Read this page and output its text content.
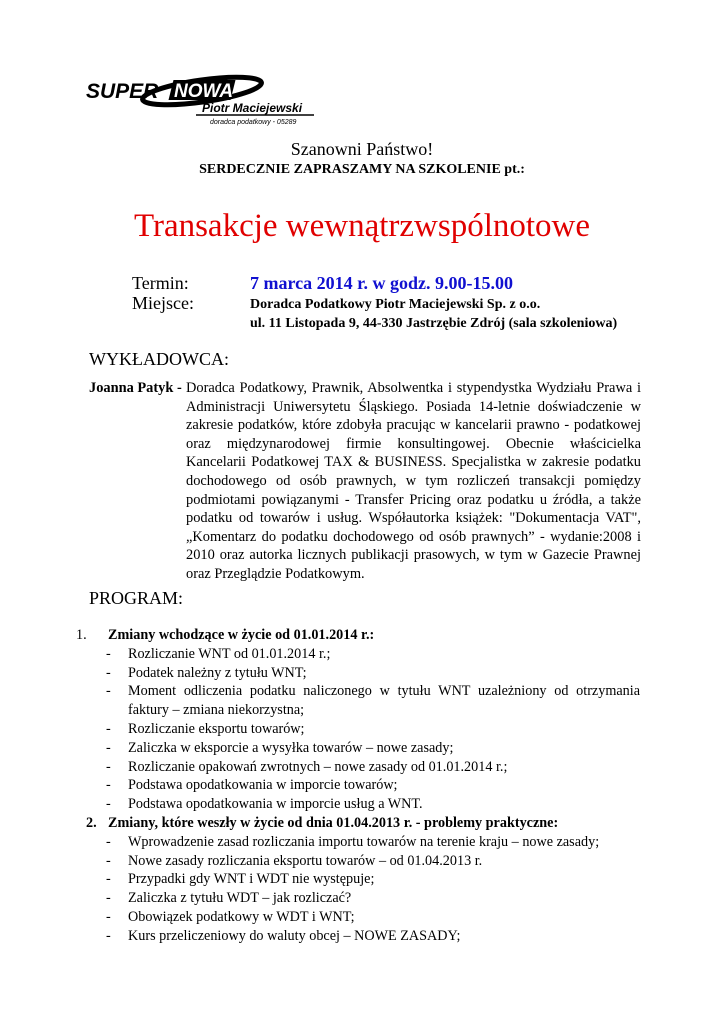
SUPER NOWA
Piotr Maciejewski
doradca podatkowy - 05289
Szanowni Państwo!
SERDECZNIE ZAPRASZAMY NA SZKOLENIE pt.:
Transakcje wewnątrzwspólnotowe
Termin:	7 marca 2014 r. w godz. 9.00-15.00
Miejsce:	Doradca Podatkowy Piotr Maciejewski Sp. z o.o.
ul. 11 Listopada 9, 44-330 Jastrzębie Zdrój (sala szkoleniowa)
WYKŁADOWCA:
Joanna Patyk - Doradca Podatkowy, Prawnik, Absolwentka i stypendystka Wydziału Prawa i Administracji Uniwersytetu Śląskiego. Posiada 14-letnie doświadczenie w zakresie podatków, które zdobyła pracując w kancelarii prawno - podatkowej oraz międzynarodowej firmie konsultingowej. Obecnie właścicielka Kancelarii Podatkowej TAX & BUSINESS. Specjalistka w zakresie podatku dochodowego od osób prawnych, w tym rozliczeń transakcji pomiędzy podmiotami powiązanymi - Transfer Pricing oraz podatku u źródła, a także podatku od towarów i usług. Współautorka książek: "Dokumentacja VAT", „Komentarz do podatku dochodowego od osób prawnych” - wydanie:2008 i 2010 oraz autorka licznych publikacji prasowych, w tym w Gazecie Prawnej oraz Przeglądzie Podatkowym.
PROGRAM:
1. Zmiany wchodzące w życie od 01.01.2014 r.:
- Rozliczanie WNT od 01.01.2014 r.;
- Podatek należny z tytułu WNT;
- Moment odliczenia podatku naliczonego w tytułu WNT uzależniony od otrzymania faktury – zmiana niekorzystna;
- Rozliczanie eksportu towarów;
- Zaliczka w eksporcie a wysyłka towarów – nowe zasady;
- Rozliczanie opakowań zwrotnych – nowe zasady od 01.01.2014 r.;
- Podstawa opodatkowania w imporcie towarów;
- Podstawa opodatkowania w imporcie usług a WNT.
2. Zmiany, które weszły w życie od dnia 01.04.2013 r. - problemy praktyczne:
- Wprowadzenie zasad rozliczania importu towarów na terenie kraju – nowe zasady;
- Nowe zasady rozliczania eksportu towarów – od 01.04.2013 r.
- Przypadki gdy WNT i WDT nie występuje;
- Zaliczka z tytułu WDT – jak rozliczać?
- Obowiązek podatkowy w WDT i WNT;
- Kurs przeliczeniowy do waluty obcej – NOWE ZASADY;
